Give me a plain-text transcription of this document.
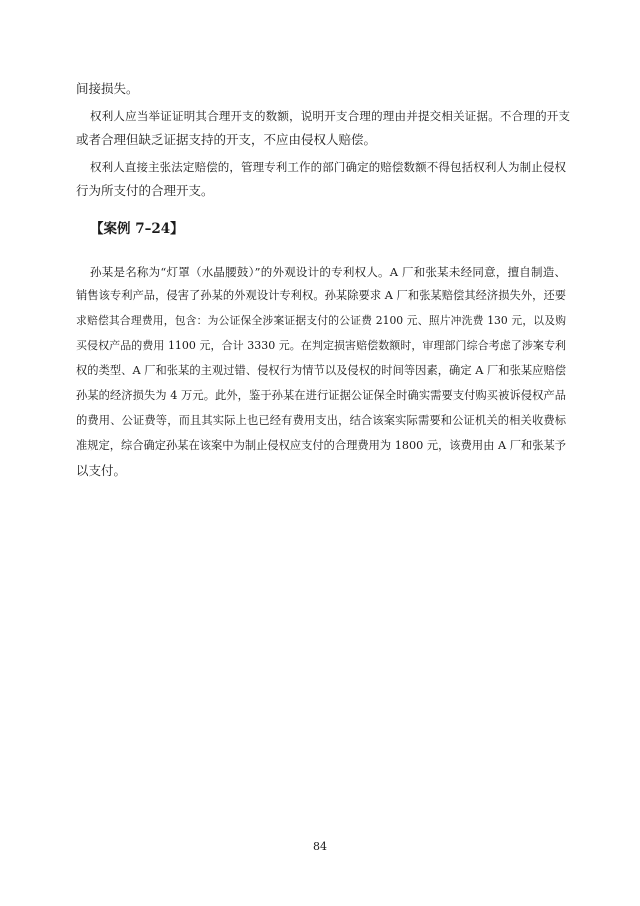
间接损失。
权利人应当举证证明其合理开支的数额，说明开支合理的理由并提交相关证据。不合理的开支
或者合理但缺乏证据支持的开支，不应由侵权人赔偿。
权利人直接主张法定赔偿的，管理专利工作的部门确定的赔偿数额不得包括权利人为制止侵权
行为所支付的合理开支。
【案例 7–24】
孙某是名称为“灯罩（水晶腰鼓）”的外观设计的专利权人。A 厂和张某未经同意，擅自制造、
销售该专利产品，侵害了孙某的外观设计专利权。孙某除要求 A 厂和张某赔偿其经济损失外，还要
求赔偿其合理费用，包含：为公证保全涉案证据支付的公证费 2100 元、照片冲洗费 130 元，以及购
买侵权产品的费用 1100 元，合计 3330 元。在判定损害赔偿数额时，审理部门综合考虑了涉案专利
权的类型、A 厂和张某的主观过错、侵权行为情节以及侵权的时间等因素，确定 A 厂和张某应赔偿
孙某的经济损失为 4 万元。此外，鉴于孙某在进行证据公证保全时确实需要支付购买被诉侵权产品
的费用、公证费等，而且其实际上也已经有费用支出，结合该案实际需要和公证机关的相关收费标
准规定，综合确定孙某在该案中为制止侵权应支付的合理费用为 1800 元，该费用由 A 厂和张某予
以支付。
84
